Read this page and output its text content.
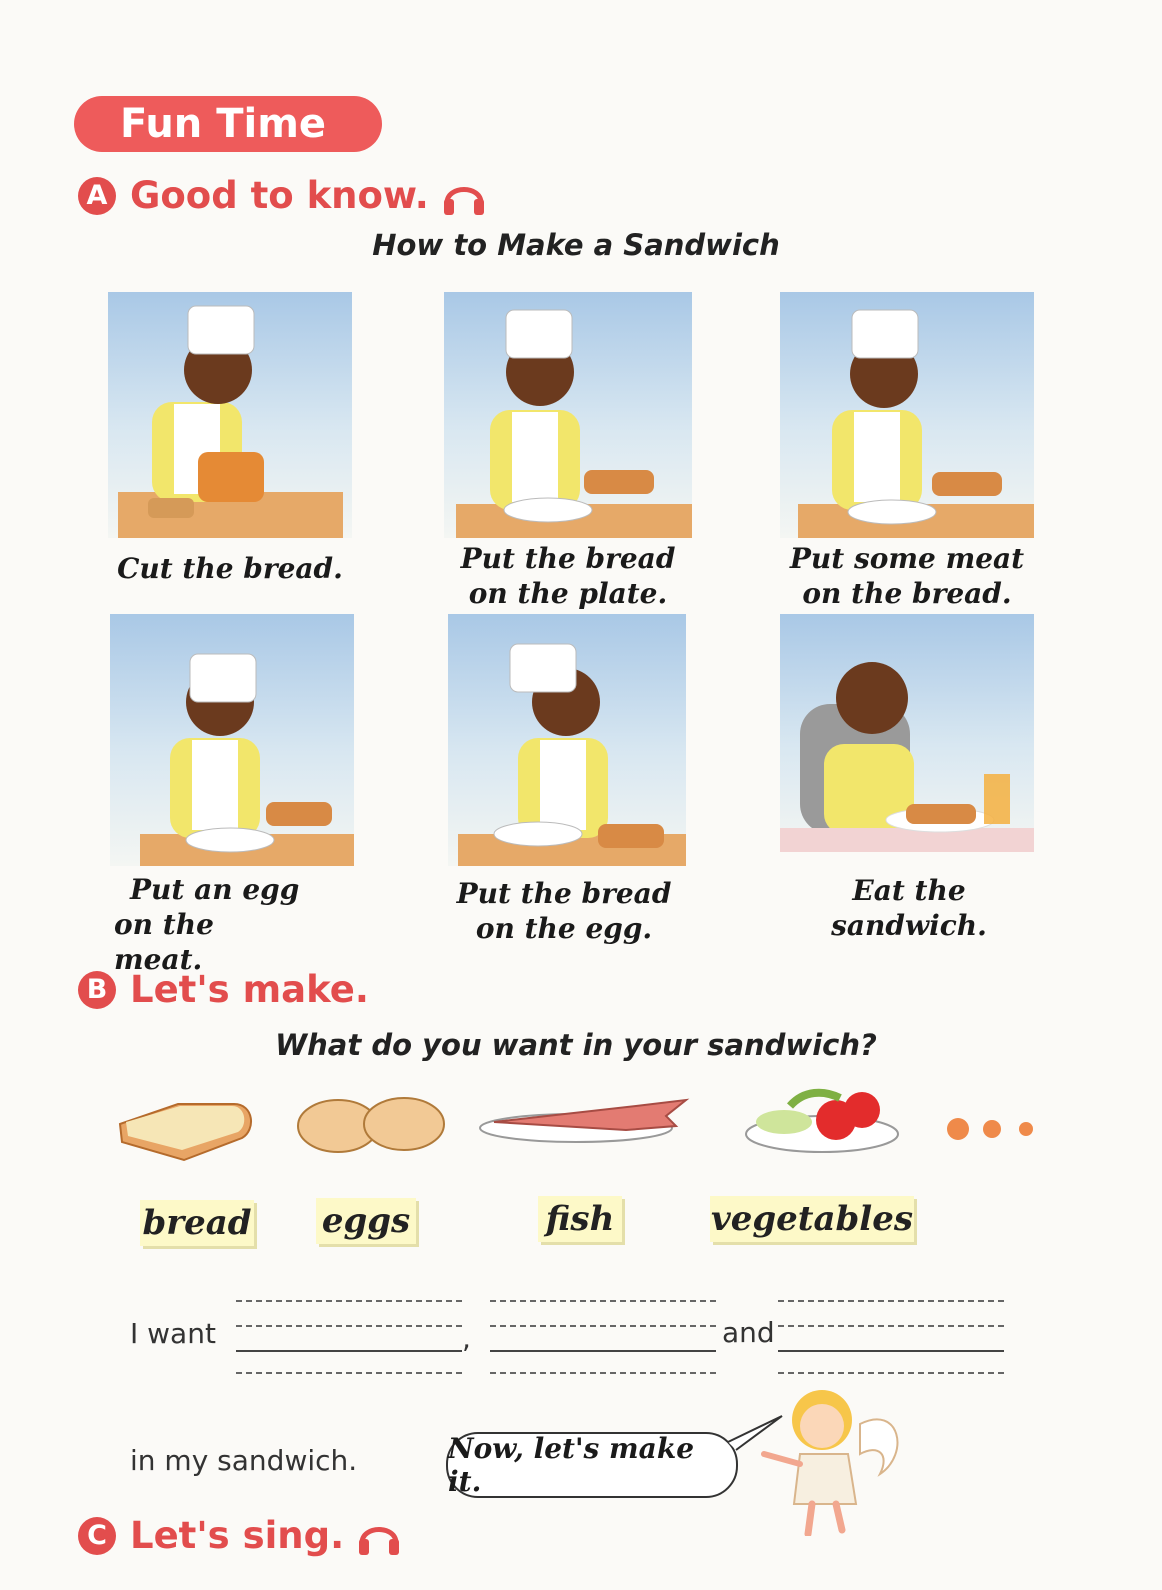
Fun Time
A Good to know.
How to Make a Sandwich
Cut the bread.	Put the bread
on the plate.
Put some meat
on the bread.
Put an egg
on the meat.
Put the bread
on the egg.
Eat the sandwich.
B Let's make.
What do you want in your sandwich?
bread eggs	fish	vegetables
I want	,	and
in my sandwich.	Now, let's make it.
C Let's sing.
